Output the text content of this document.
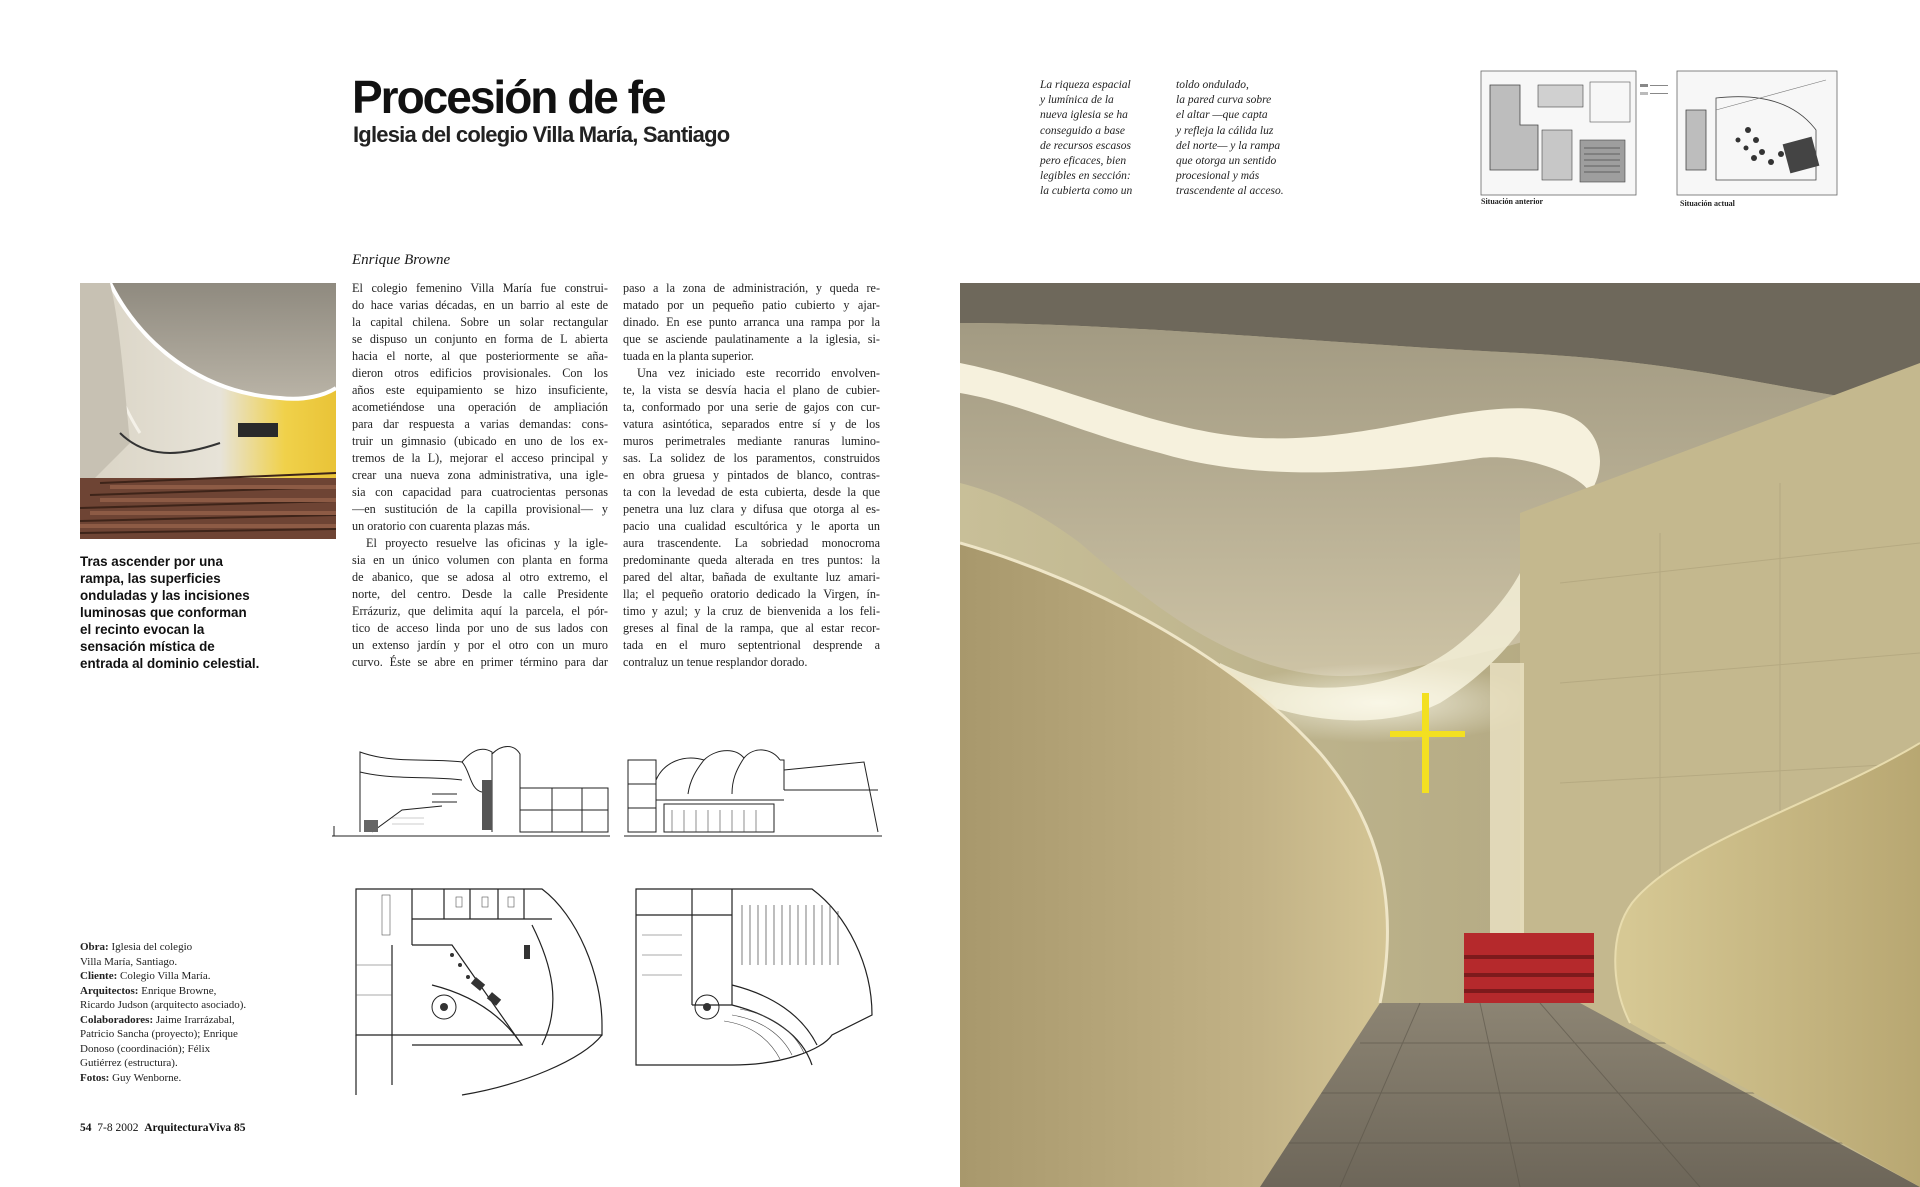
Procesión de fe
Iglesia del colegio Villa María, Santiago
Enrique Browne
La riqueza espacial
y lumínica de la
nueva iglesia se ha
conseguido a base
de recursos escasos
pero eficaces, bien
legibles en sección:
la cubierta como un
toldo ondulado,
la pared curva sobre
el altar —que capta
y refleja la cálida luz
del norte— y la rampa
que otorga un sentido
procesional y más
trascendente al acceso.
Situación anterior	Situación actual
Tras ascender por una
rampa, las superficies
onduladas y las incisiones
luminosas que conforman
el recinto evocan la
sensación mística de
entrada al dominio celestial.
El colegio femenino Villa María fue construi-
do hace varias décadas, en un barrio al este de
la capital chilena. Sobre un solar rectangular
se dispuso un conjunto en forma de L abierta
hacia el norte, al que posteriormente se aña-
dieron otros edificios provisionales. Con los
años este equipamiento se hizo insuficiente,
acometiéndose una operación de ampliación
para dar respuesta a varias demandas: cons-
truir un gimnasio (ubicado en uno de los ex-
tremos de la L), mejorar el acceso principal y
crear una nueva zona administrativa, una igle-
sia con capacidad para cuatrocientas personas
—en sustitución de la capilla provisional— y
un oratorio con cuarenta plazas más.
El proyecto resuelve las oficinas y la igle-
sia en un único volumen con planta en forma
de abanico, que se adosa al otro extremo, el
norte, del centro. Desde la calle Presidente
Errázuriz, que delimita aquí la parcela, el pór-
tico de acceso linda por uno de sus lados con
un extenso jardín y por el otro con un muro
curvo. Éste se abre en primer término para dar
paso a la zona de administración, y queda re-
matado por un pequeño patio cubierto y ajar-
dinado. En ese punto arranca una rampa por la
que se asciende paulatinamente a la iglesia, si-
tuada en la planta superior.
Una vez iniciado este recorrido envolven-
te, la vista se desvía hacia el plano de cubier-
ta, conformado por una serie de gajos con cur-
vatura asintótica, separados entre sí y de los
muros perimetrales mediante ranuras lumino-
sas. La solidez de los paramentos, construidos
en obra gruesa y pintados de blanco, contras-
ta con la levedad de esta cubierta, desde la que
penetra una luz clara y difusa que otorga al es-
pacio una cualidad escultórica y le aporta un
aura trascendente. La sobriedad monocroma
predominante queda alterada en tres puntos: la
pared del altar, bañada de exultante luz amari-
lla; el pequeño oratorio dedicado la Virgen, ín-
timo y azul; y la cruz de bienvenida a los feli-
greses al final de la rampa, que al estar recor-
tada en el muro septentrional desprende a
contraluz un tenue resplandor dorado.
Obra: Iglesia del colegio
Villa María, Santiago.
Cliente: Colegio Villa María.
Arquitectos: Enrique Browne,
Ricardo Judson (arquitecto asociado).
Colaboradores: Jaime Irarrázabal,
Patricio Sancha (proyecto); Enrique
Donoso (coordinación); Félix
Gutiérrez (estructura).
Fotos: Guy Wenborne.
54 7-8 2002 ArquitecturaViva 85
